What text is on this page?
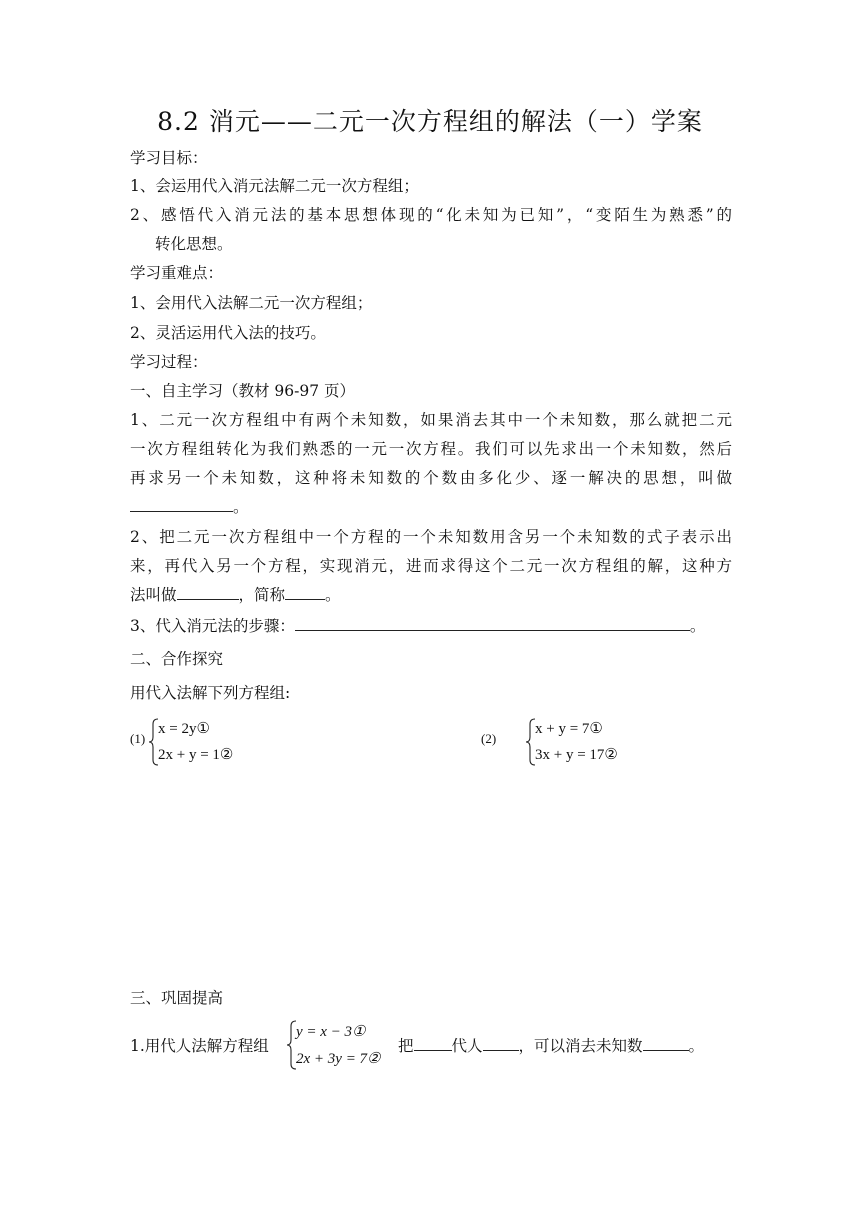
8.2 消元——二元一次方程组的解法（一）学案
学习目标：
1、会运用代入消元法解二元一次方程组；
2、感悟代入消元法的基本思想体现的“化未知为已知”，“变陌生为熟悉”的
转化思想。
学习重难点：
1、会用代入法解二元一次方程组；
2、灵活运用代入法的技巧。
学习过程：
一、自主学习（教材 96-97 页）
1、二元一次方程组中有两个未知数，如果消去其中一个未知数，那么就把二元
一次方程组转化为我们熟悉的一元一次方程。我们可以先求出一个未知数，然后
再求另一个未知数，这种将未知数的个数由多化少、逐一解决的思想，叫做
。
2、把二元一次方程组中一个方程的一个未知数用含另一个未知数的式子表示出
来，再代入另一个方程，实现消元，进而求得这个二元一次方程组的解，这种方
法叫做	，简称	。
3、代入消元法的步骤：	。
二、合作探究
用代入法解下列方程组:
(1)
x = 2y①
2x + y = 1②
(2)
x + y = 7①
3x + y = 17②
三、巩固提高
1.用代人法解方程组
y = x − 3①
2x + 3y = 7②
把 代人 ，可以消去未知数	。
